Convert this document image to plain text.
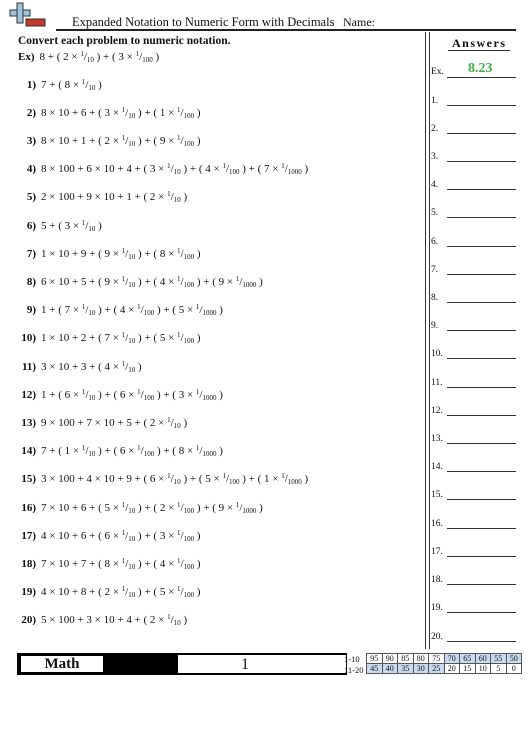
Expanded Notation to Numeric Form with Decimals Name:
Convert each problem to numeric notation.
Ex) 8 + ( $2 \times ^1/_{10}$ ) + ( $3 \times ^1/_{100}$ )
1) 7 + ( $8 \times ^1/_{10}$ )
2) 8 × 10 + 6 + ( $3 \times ^1/_{10}$ ) + ( $1 \times ^1/_{100}$ )
3) 8 × 10 + 1 + ( $2 \times ^1/_{10}$ ) + ( $9 \times ^1/_{100}$ )
4) 8 × 100 + 6 × 10 + 4 + ( $3 \times ^1/_{10}$ ) + ( $4 \times ^1/_{100}$ ) + ( $7 \times ^1/_{1000}$ )
5) 2 × 100 + 9 × 10 + 1 + ( $2 \times ^1/_{10}$ )
6) 5 + ( $3 \times ^1/_{10}$ )
7) 1 × 10 + 9 + ( $9 \times ^1/_{10}$ ) + ( $8 \times ^1/_{100}$ )
8) 6 × 10 + 5 + ( $9 \times ^1/_{10}$ ) + ( $4 \times ^1/_{100}$ ) + ( $9 \times ^1/_{1000}$ )
9) 1 + ( $7 \times ^1/_{10}$ ) + ( $4 \times ^1/_{100}$ ) + ( $5 \times ^1/_{1000}$ )
10) 1 × 10 + 2 + ( $7 \times ^1/_{10}$ ) + ( $5 \times ^1/_{100}$ )
11) 3 × 10 + 3 + ( $4 \times ^1/_{10}$ )
12) 1 + ( $6 \times ^1/_{10}$ ) + ( $6 \times ^1/_{100}$ ) + ( $3 \times ^1/_{1000}$ )
13) 9 × 100 + 7 × 10 + 5 + ( $2 \times ^1/_{10}$ )
14) 7 + ( $1 \times ^1/_{10}$ ) + ( $6 \times ^1/_{100}$ ) + ( $8 \times ^1/_{1000}$ )
15) 3 × 100 + 4 × 10 + 9 + ( $6 \times ^1/_{10}$ ) + ( $5 \times ^1/_{100}$ ) + ( $1 \times ^1/_{1000}$ )
16) 7 × 10 + 6 + ( $5 \times ^1/_{10}$ ) + ( $2 \times ^1/_{100}$ ) + ( $9 \times ^1/_{1000}$ )
17) 4 × 10 + 6 + ( $6 \times ^1/_{10}$ ) + ( $3 \times ^1/_{100}$ )
18) 7 × 10 + 7 + ( $8 \times ^1/_{10}$ ) + ( $4 \times ^1/_{100}$ )
19) 4 × 10 + 8 + ( $2 \times ^1/_{10}$ ) + ( $5 \times ^1/_{100}$ )
20) 5 × 100 + 3 × 10 + 4 + ( $2 \times ^1/_{10}$ )
Answers
Ex. 8.23
1.
2.
3.
4.
5.
6.
7.
8.
9.
10.
11.
12.
13.
14.
15.
16.
17.
18.
19.
20.
Math	1	1-10
11-20
95	90	85	80	75	70	65	60	55	50
45	40	35	30	25	20	15	10	5	0
